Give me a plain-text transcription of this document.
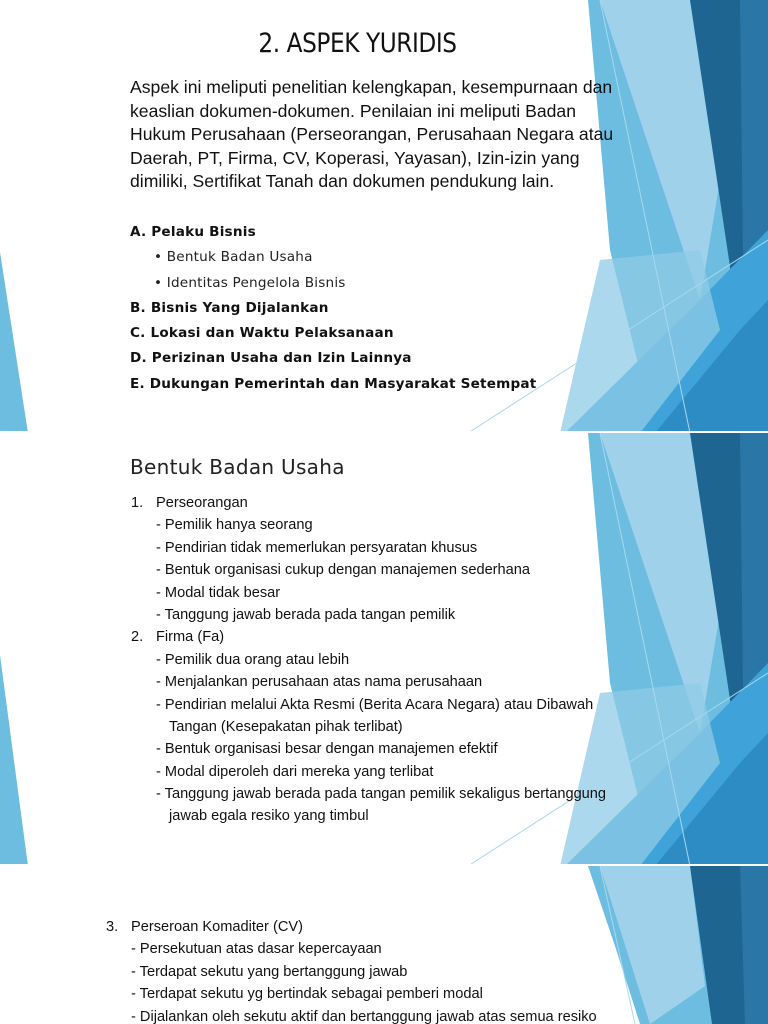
2. ASPEK YURIDIS

Aspek ini meliputi penelitian kelengkapan, kesempurnaan dan keaslian dokumen-dokumen. Penilaian ini meliputi Badan Hukum Perusahaan (Perseorangan, Perusahaan Negara atau Daerah, PT, Firma, CV, Koperasi, Yayasan), Izin-izin yang dimiliki, Sertifikat Tanah dan dokumen pendukung lain.

A. Pelaku Bisnis
• Bentuk Badan Usaha
• Identitas Pengelola Bisnis
B. Bisnis Yang Dijalankan
C. Lokasi dan Waktu Pelaksanaan
D. Perizinan Usaha dan Izin Lainnya
E. Dukungan Pemerintah dan Masyarakat Setempat
Bentuk Badan Usaha
1. Perseorangan
- Pemilik hanya seorang
- Pendirian tidak memerlukan persyaratan khusus
- Bentuk organisasi cukup dengan manajemen sederhana
- Modal tidak besar
- Tanggung jawab berada pada tangan pemilik
2. Firma (Fa)
- Pemilik dua orang atau lebih
- Menjalankan perusahaan atas nama perusahaan
- Pendirian melalui Akta Resmi (Berita Acara Negara) atau Dibawah
Tangan (Kesepakatan pihak terlibat)
- Bentuk organisasi besar dengan manajemen efektif
- Modal diperoleh dari mereka yang terlibat
- Tanggung jawab berada pada tangan pemilik sekaligus bertanggung
jawab egala resiko yang timbul
3. Perseroan Komaditer (CV)
- Persekutuan atas dasar kepercayaan
- Terdapat sekutu yang bertanggung jawab
- Terdapat sekutu yg bertindak sebagai pemberi modal
- Dijalankan oleh sekutu aktif dan bertanggung jawab atas semua resiko
